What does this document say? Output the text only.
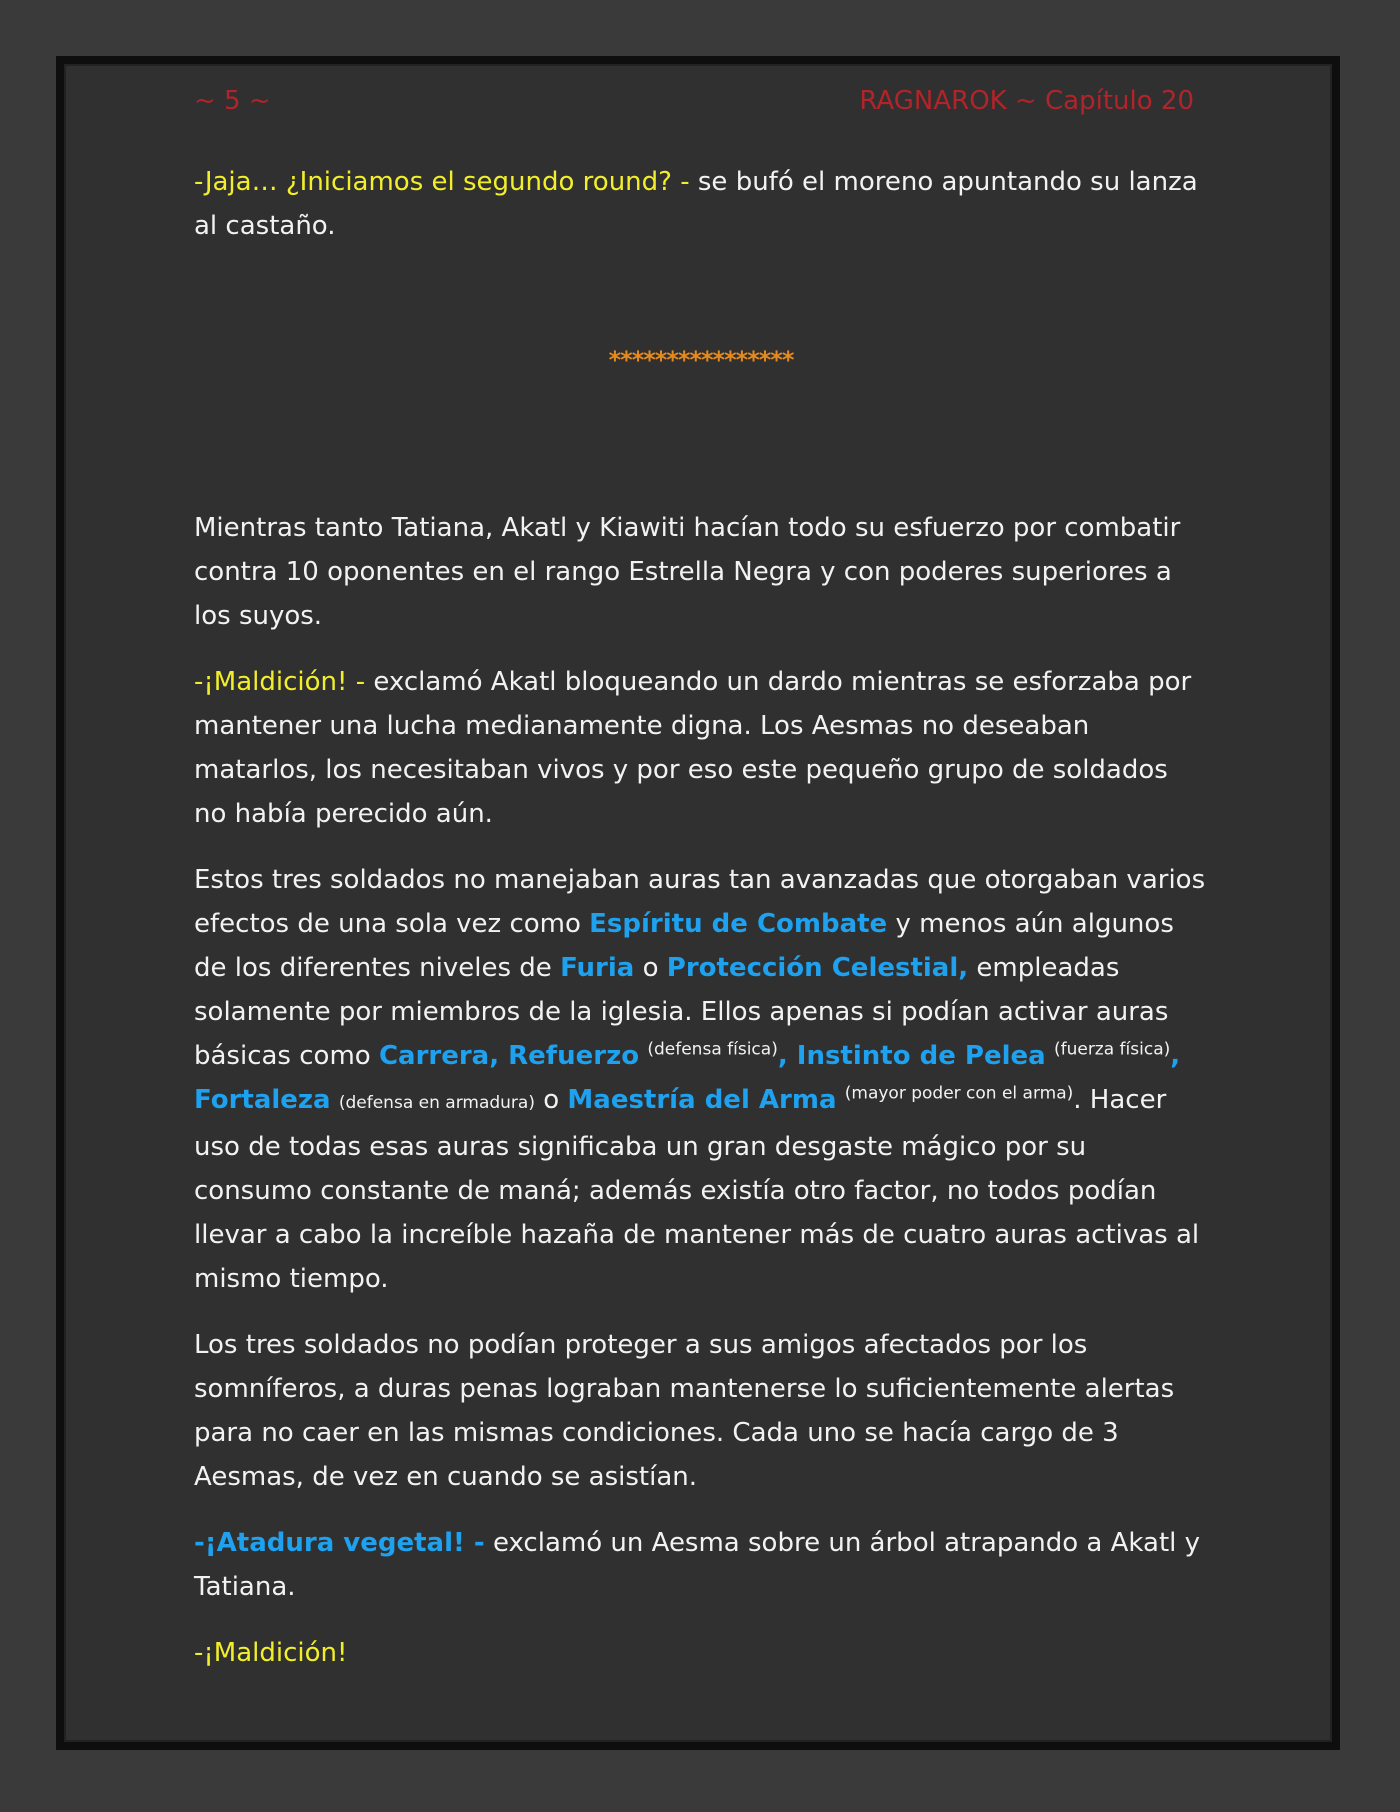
~ 5 ~	RAGNAROK ~ Capítulo 20

-Jaja… ¿Iniciamos el segundo round? - se bufó el moreno apuntando su lanza al castaño.

****************

Mientras tanto Tatiana, Akatl y Kiawiti hacían todo su esfuerzo por combatir contra 10 oponentes en el rango Estrella Negra y con poderes superiores a los suyos.

-¡Maldición! - exclamó Akatl bloqueando un dardo mientras se esforzaba por mantener una lucha medianamente digna. Los Aesmas no deseaban matarlos, los necesitaban vivos y por eso este pequeño grupo de soldados no había perecido aún.

Estos tres soldados no manejaban auras tan avanzadas que otorgaban varios efectos de una sola vez como Espíritu de Combate y menos aún algunos de los diferentes niveles de Furia o Protección Celestial, empleadas solamente por miembros de la iglesia. Ellos apenas si podían activar auras básicas como Carrera, Refuerzo $^{(defensa física)}$, Instinto de Pelea $^{(fuerza física)}$, Fortaleza (defensa en armadura) o Maestría del Arma $^{(mayor poder con el arma)}$. Hacer uso de todas esas auras significaba un gran desgaste mágico por su consumo constante de maná; además existía otro factor, no todos podían llevar a cabo la increíble hazaña de mantener más de cuatro auras activas al mismo tiempo.

Los tres soldados no podían proteger a sus amigos afectados por los somníferos, a duras penas lograban mantenerse lo suficientemente alertas para no caer en las mismas condiciones. Cada uno se hacía cargo de 3 Aesmas, de vez en cuando se asistían.

-¡Atadura vegetal! - exclamó un Aesma sobre un árbol atrapando a Akatl y Tatiana.

-¡Maldición!
